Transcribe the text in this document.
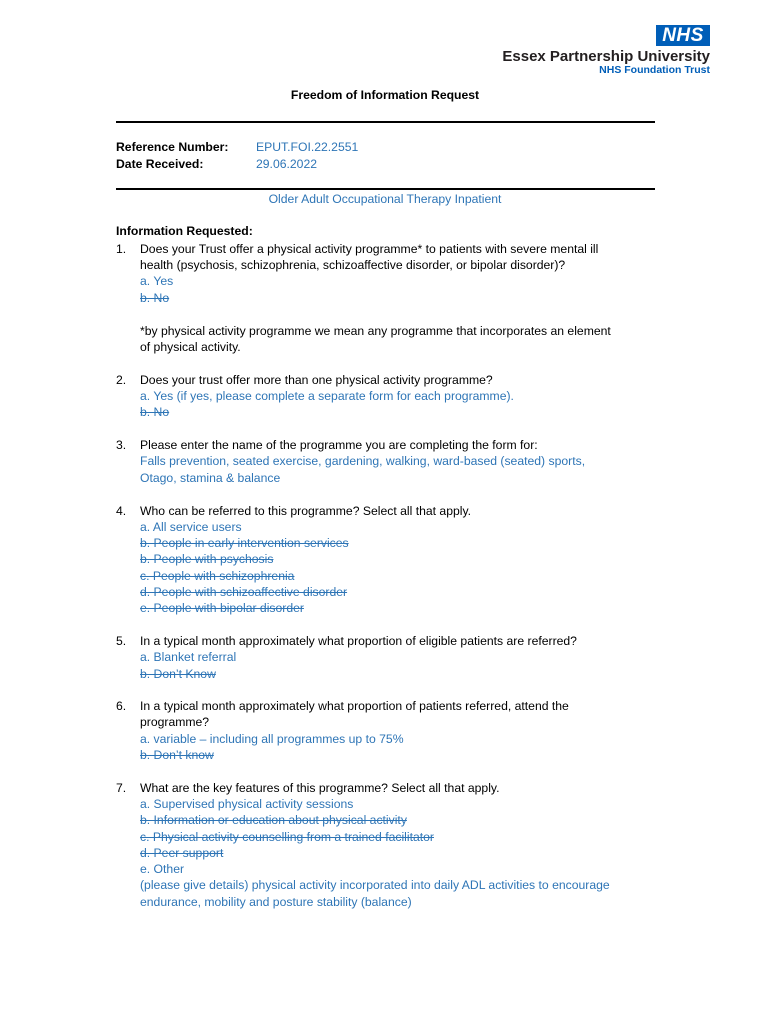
NHS
Essex Partnership University
NHS Foundation Trust
Freedom of Information Request
Reference Number: EPUT.FOI.22.2551
Date Received:	29.06.2022
Older Adult Occupational Therapy Inpatient
Information Requested:
1. Does your Trust offer a physical activity programme* to patients with severe mental ill
health (psychosis, schizophrenia, schizoaffective disorder, or bipolar disorder)?
a. Yes
b. No
*by physical activity programme we mean any programme that incorporates an element
of physical activity.
2. Does your trust offer more than one physical activity programme?
a. Yes (if yes, please complete a separate form for each programme).
b. No
3. Please enter the name of the programme you are completing the form for:
Falls prevention, seated exercise, gardening, walking, ward-based (seated) sports,
Otago, stamina & balance
4. Who can be referred to this programme? Select all that apply.
a. All service users
b. People in early intervention services
b. People with psychosis
c. People with schizophrenia
d. People with schizoaffective disorder
e. People with bipolar disorder
5. In a typical month approximately what proportion of eligible patients are referred?
a. Blanket referral
b. Don’t Know
6. In a typical month approximately what proportion of patients referred, attend the
programme?
a. variable – including all programmes up to 75%
b. Don’t know
7. What are the key features of this programme? Select all that apply.
a. Supervised physical activity sessions
b. Information or education about physical activity
c. Physical activity counselling from a trained facilitator
d. Peer support
e. Other
(please give details) physical activity incorporated into daily ADL activities to encourage
endurance, mobility and posture stability (balance)
